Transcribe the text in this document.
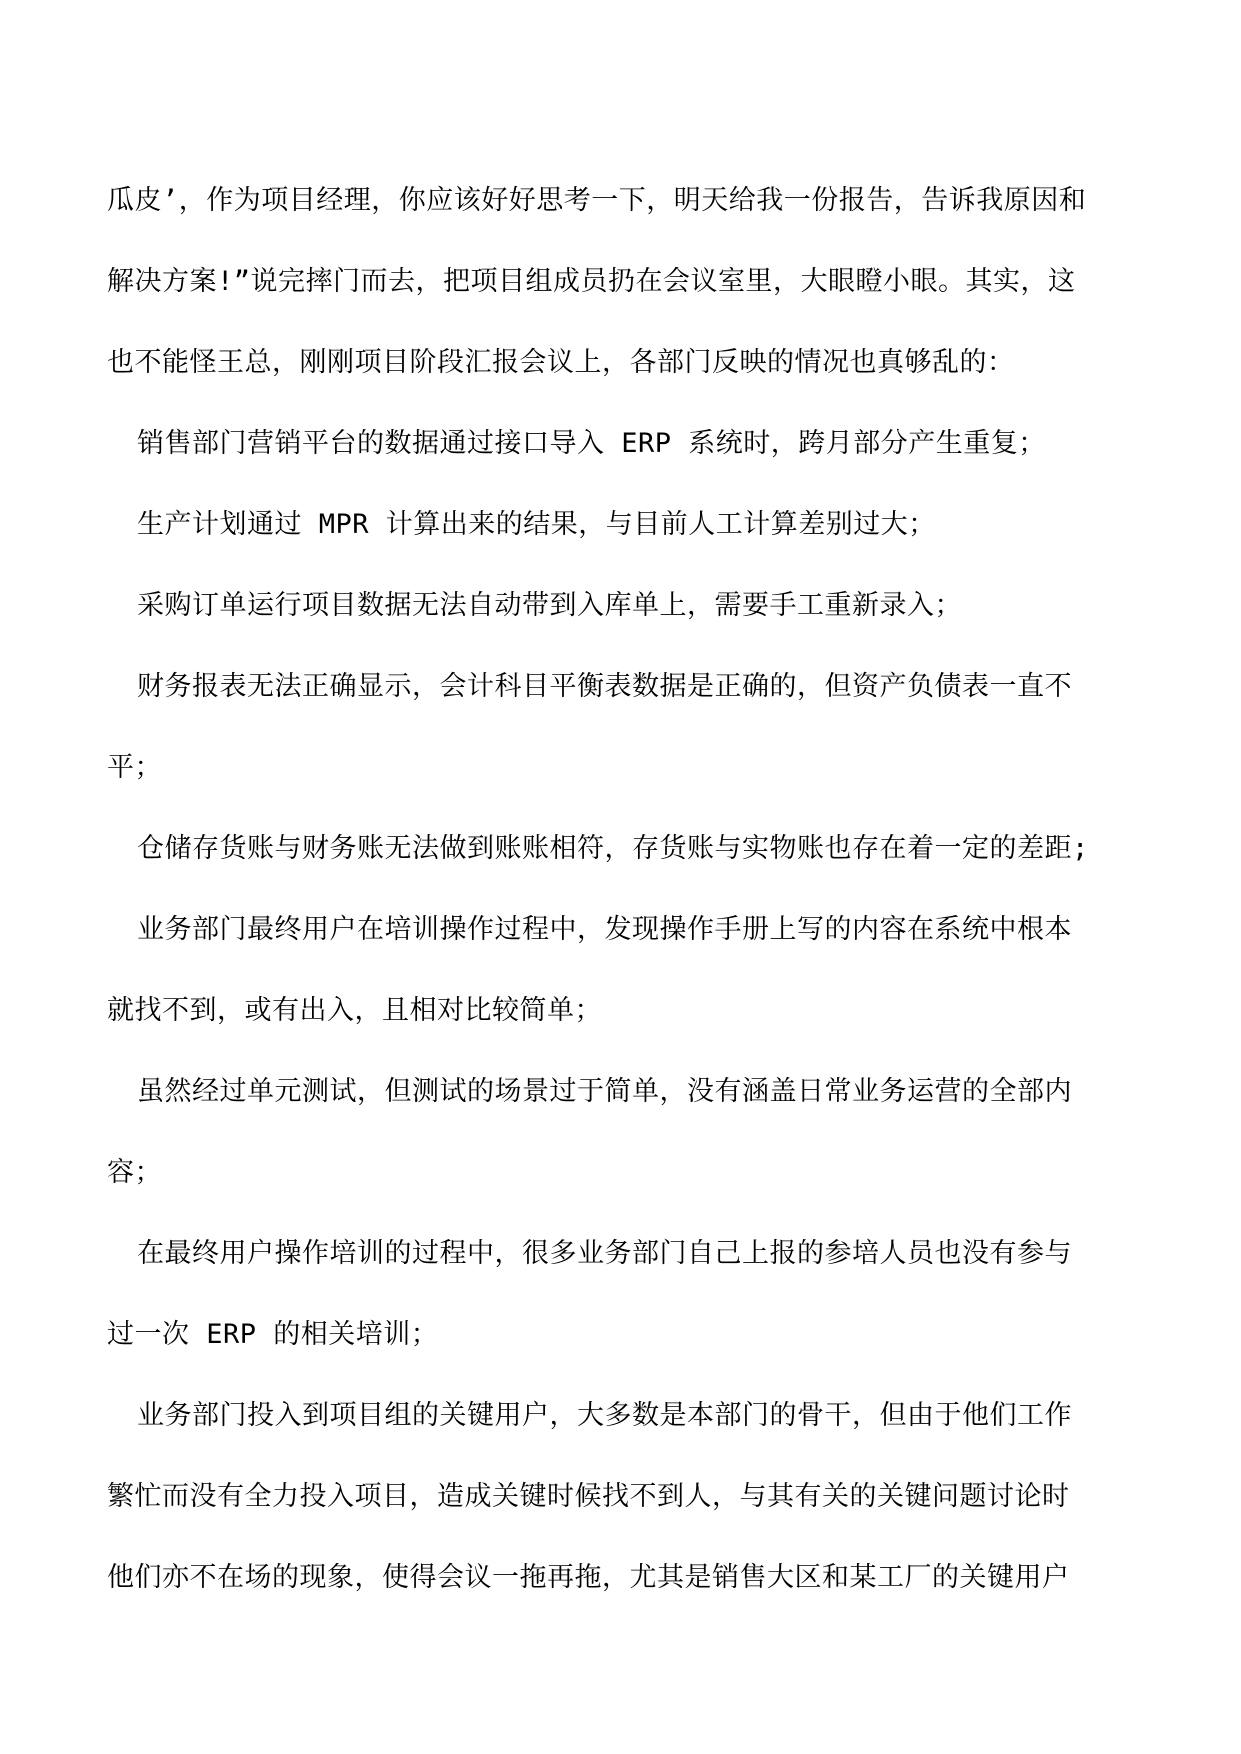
瓜皮’，作为项目经理，你应该好好思考一下，明天给我一份报告，告诉我原因和

解决方案!”说完摔门而去，把项目组成员扔在会议室里，大眼瞪小眼。其实，这

也不能怪王总，刚刚项目阶段汇报会议上，各部门反映的情况也真够乱的：

销售部门营销平台的数据通过接口导入 ERP 系统时，跨月部分产生重复；

生产计划通过 MPR 计算出来的结果，与目前人工计算差别过大；

采购订单运行项目数据无法自动带到入库单上，需要手工重新录入；

财务报表无法正确显示，会计科目平衡表数据是正确的，但资产负债表一直不

平；

仓储存货账与财务账无法做到账账相符，存货账与实物账也存在着一定的差距;

业务部门最终用户在培训操作过程中，发现操作手册上写的内容在系统中根本

就找不到，或有出入，且相对比较简单；

虽然经过单元测试，但测试的场景过于简单，没有涵盖日常业务运营的全部内

容；

在最终用户操作培训的过程中，很多业务部门自己上报的参培人员也没有参与

过一次 ERP 的相关培训；

业务部门投入到项目组的关键用户，大多数是本部门的骨干，但由于他们工作

繁忙而没有全力投入项目，造成关键时候找不到人，与其有关的关键问题讨论时

他们亦不在场的现象，使得会议一拖再拖，尤其是销售大区和某工厂的关键用户
